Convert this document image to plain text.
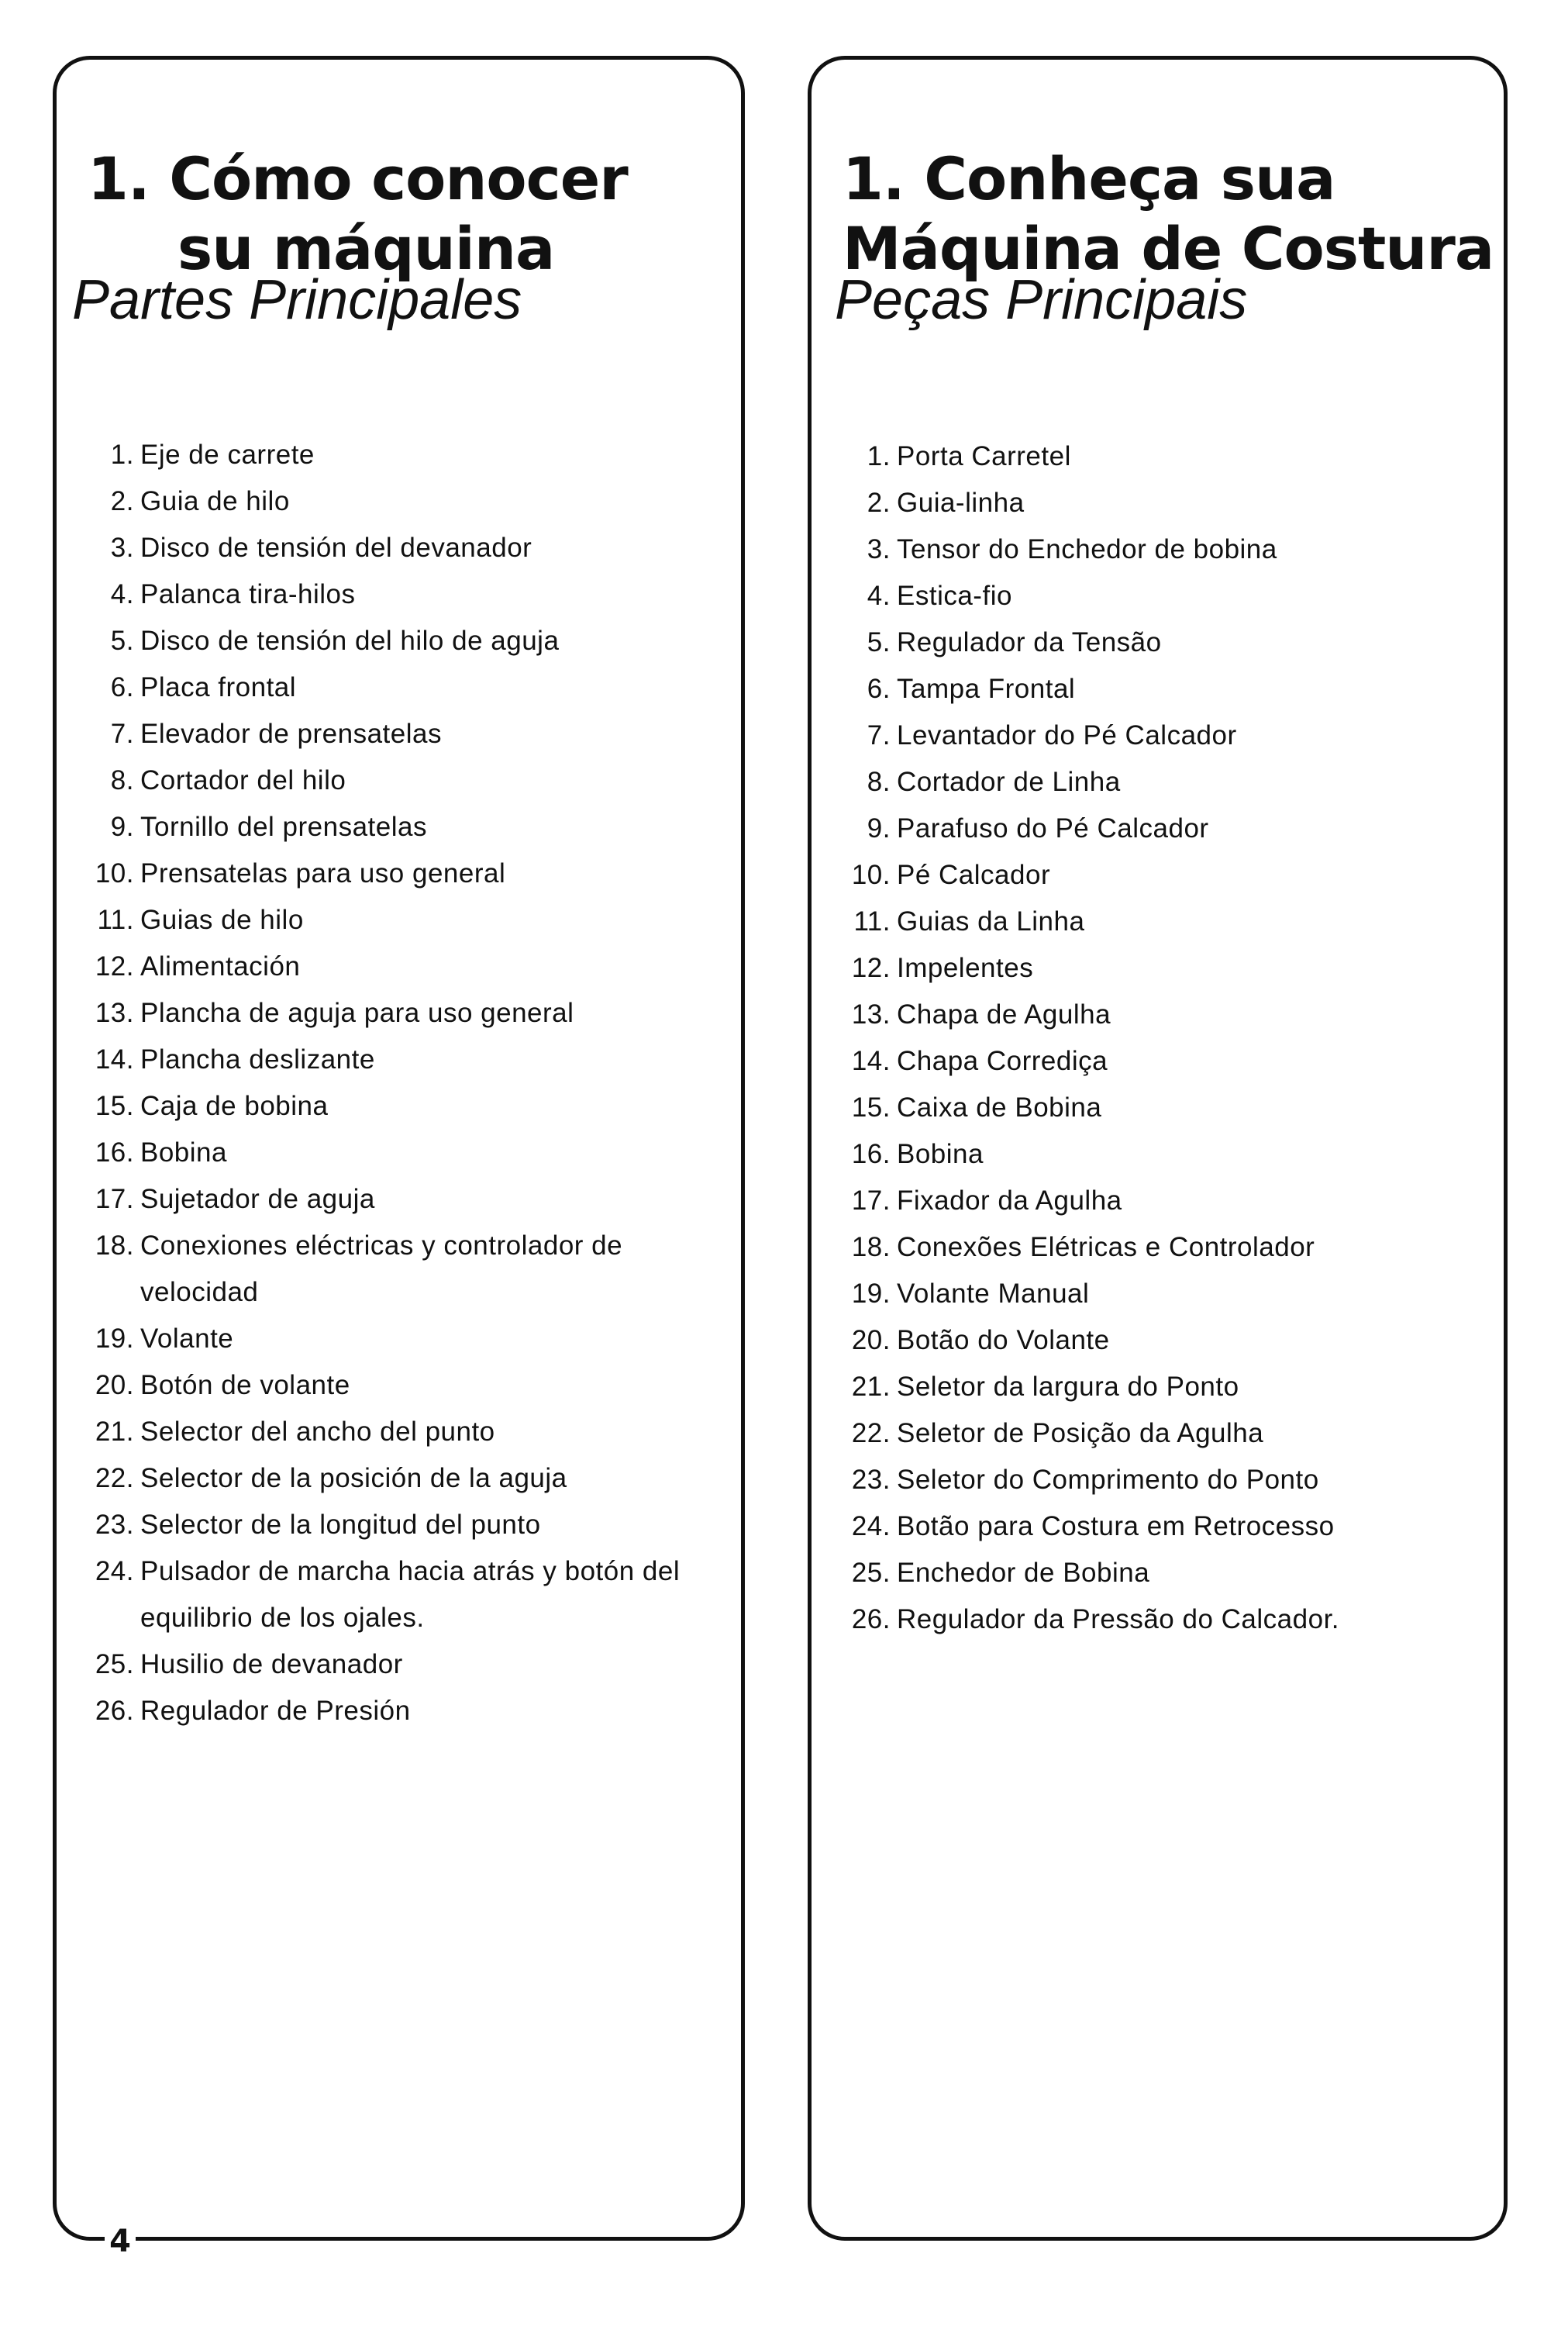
1. Cómo conocer
su máquina
Partes Principales
1. Eje de carrete
2. Guia de hilo
3. Disco de tensión del devanador
4. Palanca tira-hilos
5. Disco de tensión del hilo de aguja
6. Placa frontal
7. Elevador de prensatelas
8. Cortador del hilo
9. Tornillo del prensatelas
10. Prensatelas para uso general
11. Guias de hilo
12. Alimentación
13. Plancha de aguja para uso general
14. Plancha deslizante
15. Caja de bobina
16. Bobina
17. Sujetador de aguja
18. Conexiones eléctricas y controlador de velocidad
19. Volante
20. Botón de volante
21. Selector del ancho del punto
22. Selector de la posición de la aguja
23. Selector de la longitud del punto
24. Pulsador de marcha hacia atrás y botón del equilibrio de los ojales.
25. Husilio de devanador
26. Regulador de Presión
1. Conheça sua
Máquina de Costura
Peças Principais
1. Porta Carretel
2. Guia-linha
3. Tensor do Enchedor de bobina
4. Estica-fio
5. Regulador da Tensão
6. Tampa Frontal
7. Levantador do Pé Calcador
8. Cortador de Linha
9. Parafuso do Pé Calcador
10. Pé Calcador
11. Guias da Linha
12. Impelentes
13. Chapa de Agulha
14. Chapa Corrediça
15. Caixa de Bobina
16. Bobina
17. Fixador da Agulha
18. Conexões Elétricas e Controlador
19. Volante Manual
20. Botão do Volante
21. Seletor da largura do Ponto
22. Seletor de Posição da Agulha
23. Seletor do Comprimento do Ponto
24. Botão para Costura em Retrocesso
25. Enchedor de Bobina
26. Regulador da Pressão do Calcador.
4
